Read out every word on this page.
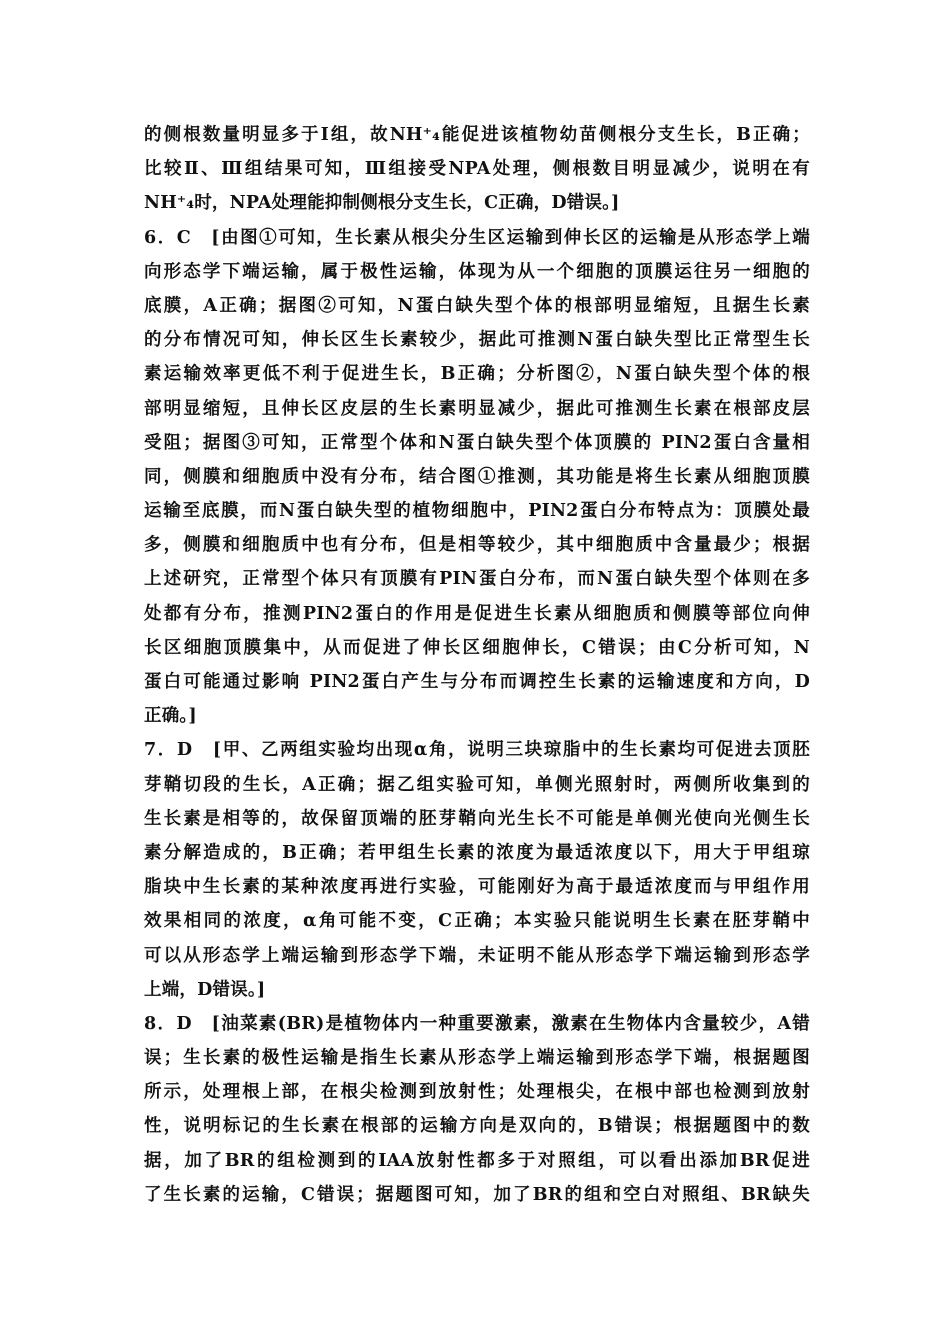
的侧根数量明显多于Ⅰ组，故NH⁺₄能促进该植物幼苗侧根分支生长，B正确；
比较Ⅱ、Ⅲ组结果可知，Ⅲ组接受NPA处理，侧根数目明显减少，说明在有
NH⁺₄时，NPA处理能抑制侧根分支生长，C正确，D错误。]
6．C　[由图①可知，生长素从根尖分生区运输到伸长区的运输是从形态学上端
向形态学下端运输，属于极性运输，体现为从一个细胞的顶膜运往另一细胞的
底膜，A正确；据图②可知，N蛋白缺失型个体的根部明显缩短，且据生长素
的分布情况可知，伸长区生长素较少，据此可推测N蛋白缺失型比正常型生长
素运输效率更低不利于促进生长，B正确；分析图②，N蛋白缺失型个体的根
部明显缩短，且伸长区皮层的生长素明显减少，据此可推测生长素在根部皮层
受阻；据图③可知，正常型个体和N蛋白缺失型个体顶膜的 PIN2蛋白含量相
同，侧膜和细胞质中没有分布，结合图①推测，其功能是将生长素从细胞顶膜
运输至底膜，而N蛋白缺失型的植物细胞中，PIN2蛋白分布特点为：顶膜处最
多，侧膜和细胞质中也有分布，但是相等较少，其中细胞质中含量最少；根据
上述研究，正常型个体只有顶膜有PIN蛋白分布，而N蛋白缺失型个体则在多
处都有分布，推测PIN2蛋白的作用是促进生长素从细胞质和侧膜等部位向伸
长区细胞顶膜集中，从而促进了伸长区细胞伸长，C错误；由C分析可知，N
蛋白可能通过影响 PIN2蛋白产生与分布而调控生长素的运输速度和方向，D
正确。]
7．D　[甲、乙两组实验均出现α角，说明三块琼脂中的生长素均可促进去顶胚
芽鞘切段的生长，A正确；据乙组实验可知，单侧光照射时，两侧所收集到的
生长素是相等的，故保留顶端的胚芽鞘向光生长不可能是单侧光使向光侧生长
素分解造成的，B正确；若甲组生长素的浓度为最适浓度以下，用大于甲组琼
脂块中生长素的某种浓度再进行实验，可能刚好为高于最适浓度而与甲组作用
效果相同的浓度，α角可能不变，C正确；本实验只能说明生长素在胚芽鞘中
可以从形态学上端运输到形态学下端，未证明不能从形态学下端运输到形态学
上端，D错误。]
8．D　[油菜素(BR)是植物体内一种重要激素，激素在生物体内含量较少，A错
误；生长素的极性运输是指生长素从形态学上端运输到形态学下端，根据题图
所示，处理根上部，在根尖检测到放射性；处理根尖，在根中部也检测到放射
性，说明标记的生长素在根部的运输方向是双向的，B错误；根据题图中的数
据，加了BR的组检测到的IAA放射性都多于对照组，可以看出添加BR促进
了生长素的运输，C错误；据题图可知，加了BR的组和空白对照组、BR缺失
